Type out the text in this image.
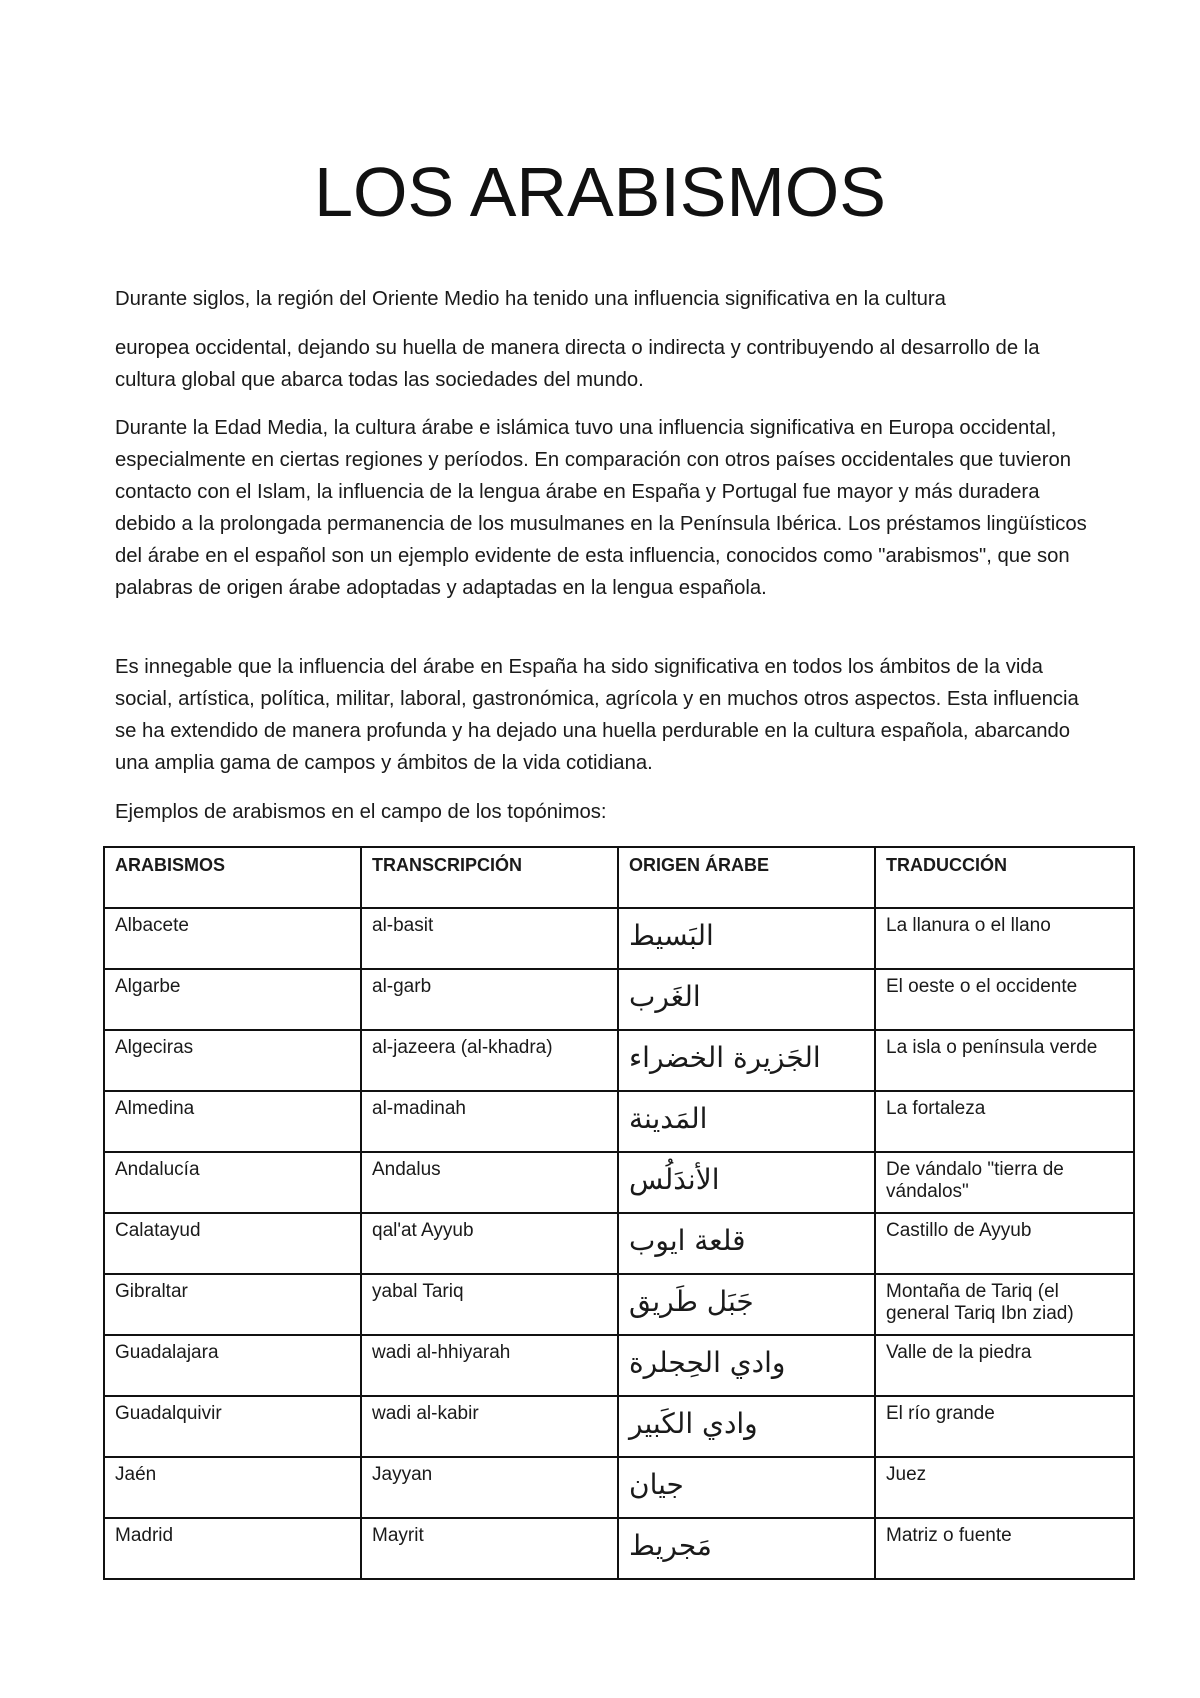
LOS ARABISMOS

Durante siglos, la región del Oriente Medio ha tenido una influencia significativa en la cultura

europea occidental, dejando su huella de manera directa o indirecta y contribuyendo al desarrollo de la cultura global que abarca todas las sociedades del mundo.

Durante la Edad Media, la cultura árabe e islámica tuvo una influencia significativa en Europa occidental, especialmente en ciertas regiones y períodos. En comparación con otros países occidentales que tuvieron contacto con el Islam, la influencia de la lengua árabe en España y Portugal fue mayor y más duradera debido a la prolongada permanencia de los musulmanes en la Península Ibérica. Los préstamos lingüísticos del árabe en el español son un ejemplo evidente de esta influencia, conocidos como "arabismos", que son palabras de origen árabe adoptadas y adaptadas en la lengua española.

Es innegable que la influencia del árabe en España ha sido significativa en todos los ámbitos de la vida social, artística, política, militar, laboral, gastronómica, agrícola y en muchos otros aspectos. Esta influencia se ha extendido de manera profunda y ha dejado una huella perdurable en la cultura española, abarcando una amplia gama de campos y ámbitos de la vida cotidiana.

Ejemplos de arabismos en el campo de los topónimos:

ARABISMOS	TRANSCRIPCIÓN	ORIGEN ÁRABE	TRADUCCIÓN
Albacete	al-basit	البَسيط	La llanura o el llano
Algarbe	al-garb	الغَرب	El oeste o el occidente
Algeciras	al-jazeera (al-khadra)	الجَزيرة الخضراء	La isla o península verde
Almedina	al-madinah	المَدينة	La fortaleza
Andalucía	Andalus	الأندَلُس	De vándalo "tierra de vándalos"
Calatayud	qal'at Ayyub	قلعة ايوب	Castillo de Ayyub
Gibraltar	yabal Tariq	جَبَل طَريق	Montaña de Tariq (el general Tariq Ibn ziad)
Guadalajara	wadi al-hhiyarah	وادي الحِجلرة	Valle de la piedra
Guadalquivir	wadi al-kabir	وادي الكَبير	El río grande
Jaén	Jayyan	جيان	Juez
Madrid	Mayrit	مَجريط	Matriz o fuente
